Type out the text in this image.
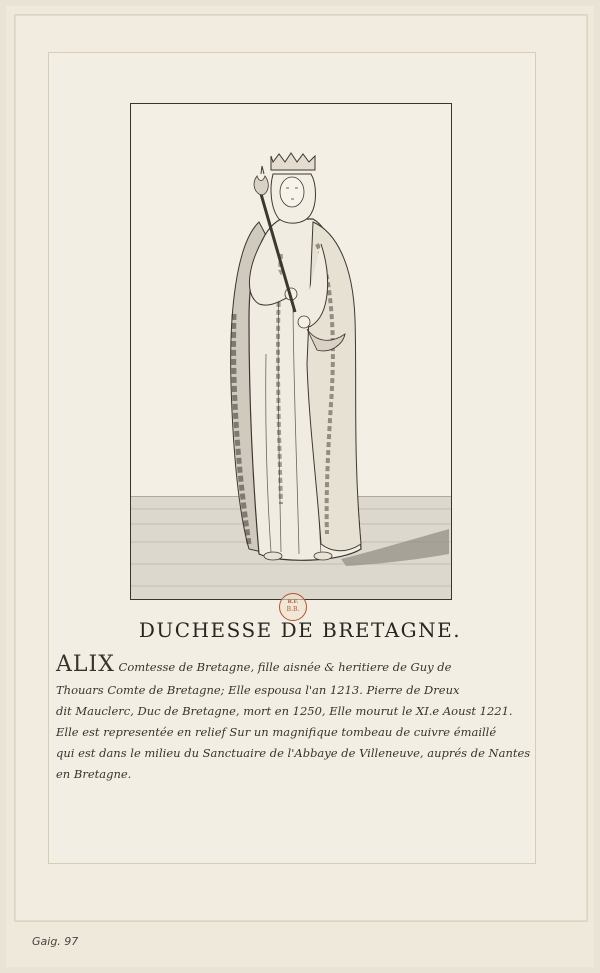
R.F.
B.B.
DUCHESSE DE BRETAGNE.
ALIX Comtesse de Bretagne, fille aisnée & heritiere de Guy de
Thouars Comte de Bretagne; Elle espousa l'an 1213. Pierre de Dreux
dit Mauclerc, Duc de Bretagne, mort en 1250, Elle mourut le XI.e Aoust 1221.
Elle est representée en relief Sur un magnifique tombeau de cuivre émaillé
qui est dans le milieu du Sanctuaire de l'Abbaye de Villeneuve, auprés de Nantes
en Bretagne.
Gaig. 97
